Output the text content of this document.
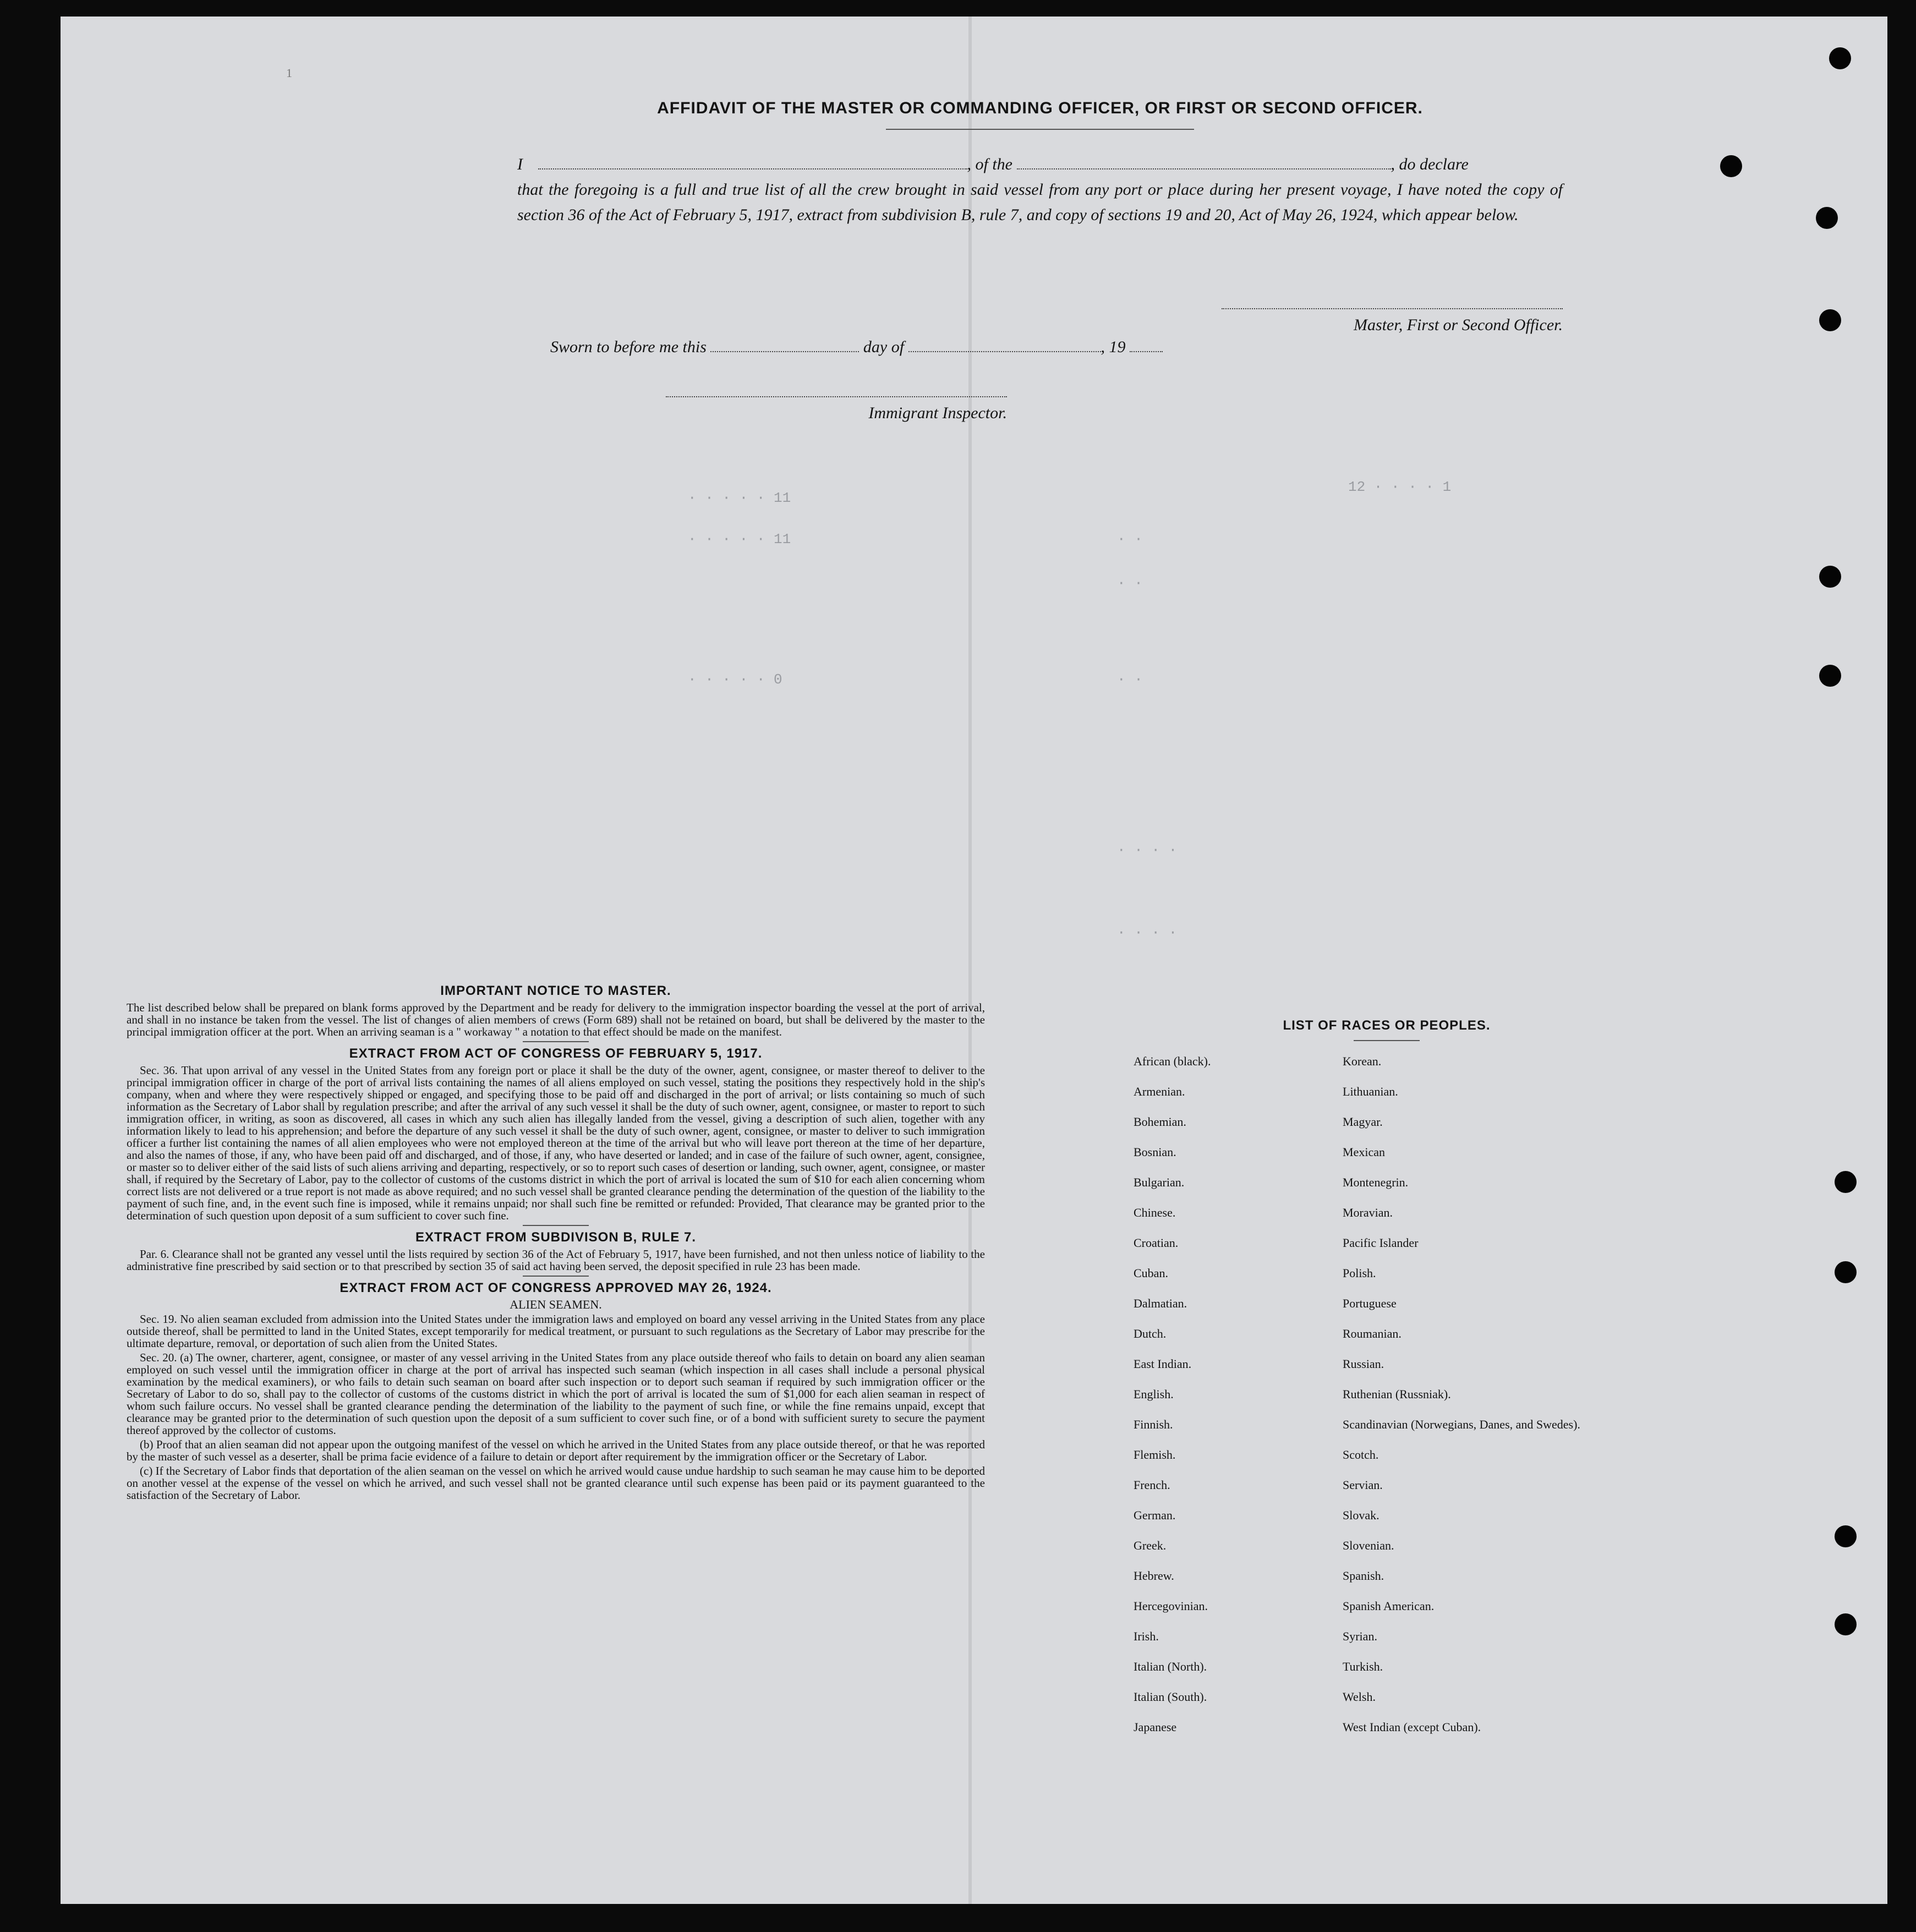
12 · · · · 1
· · · · · 11
· · · · · 11	· ·
· ·
· · · · · 0	· ·
· · · ·
· · · ·
1
AFFIDAVIT OF THE MASTER OR COMMANDING OFFICER, OR FIRST OR SECOND OFFICER.
I	, of the	, do declare
that the foregoing is a full and true list of all the crew brought in said vessel from any port or place during her present voyage, I have noted the copy of section 36 of the Act of February 5, 1917, extract from subdivision B, rule 7, and copy of sections 19 and 20, Act of May 26, 1924, which appear below.
Master, First or Second Officer.
Sworn to before me this	day of	, 19
Immigrant Inspector.
IMPORTANT NOTICE TO MASTER.

The list described below shall be prepared on blank forms approved by the Department and be ready for delivery to the immigration inspector boarding the vessel at the port of arrival, and shall in no instance be taken from the vessel. The list of changes of alien members of crews (Form 689) shall not be retained on board, but shall be delivered by the master to the principal immigration officer at the port. When an arriving seaman is a " workaway " a notation to that effect should be made on the manifest.

EXTRACT FROM ACT OF CONGRESS OF FEBRUARY 5, 1917.

Sec. 36. That upon arrival of any vessel in the United States from any foreign port or place it shall be the duty of the owner, agent, consignee, or master thereof to deliver to the principal immigration officer in charge of the port of arrival lists containing the names of all aliens employed on such vessel, stating the positions they respectively hold in the ship's company, when and where they were respectively shipped or engaged, and specifying those to be paid off and discharged in the port of arrival; or lists containing so much of such information as the Secretary of Labor shall by regulation prescribe; and after the arrival of any such vessel it shall be the duty of such owner, agent, consignee, or master to report to such immigration officer, in writing, as soon as discovered, all cases in which any such alien has illegally landed from the vessel, giving a description of such alien, together with any information likely to lead to his apprehension; and before the departure of any such vessel it shall be the duty of such owner, agent, consignee, or master to deliver to such immigration officer a further list containing the names of all alien employees who were not employed thereon at the time of the arrival but who will leave port thereon at the time of her departure, and also the names of those, if any, who have been paid off and discharged, and of those, if any, who have deserted or landed; and in case of the failure of such owner, agent, consignee, or master so to deliver either of the said lists of such aliens arriving and departing, respectively, or so to report such cases of desertion or landing, such owner, agent, consignee, or master shall, if required by the Secretary of Labor, pay to the collector of customs of the customs district in which the port of arrival is located the sum of $10 for each alien concerning whom correct lists are not delivered or a true report is not made as above required; and no such vessel shall be granted clearance pending the determination of the question of the liability to the payment of such fine, and, in the event such fine is imposed, while it remains unpaid; nor shall such fine be remitted or refunded: Provided, That clearance may be granted prior to the determination of such question upon deposit of a sum sufficient to cover such fine.

EXTRACT FROM SUBDIVISON B, RULE 7.

Par. 6. Clearance shall not be granted any vessel until the lists required by section 36 of the Act of February 5, 1917, have been furnished, and not then unless notice of liability to the administrative fine prescribed by said section or to that prescribed by section 35 of said act having been served, the deposit specified in rule 23 has been made.

EXTRACT FROM ACT OF CONGRESS APPROVED MAY 26, 1924.
ALIEN SEAMEN.

Sec. 19. No alien seaman excluded from admission into the United States under the immigration laws and employed on board any vessel arriving in the United States from any place outside thereof, shall be permitted to land in the United States, except temporarily for medical treatment, or pursuant to such regulations as the Secretary of Labor may prescribe for the ultimate departure, removal, or deportation of such alien from the United States.

Sec. 20. (a) The owner, charterer, agent, consignee, or master of any vessel arriving in the United States from any place outside thereof who fails to detain on board any alien seaman employed on such vessel until the immigration officer in charge at the port of arrival has inspected such seaman (which inspection in all cases shall include a personal physical examination by the medical examiners), or who fails to detain such seaman on board after such inspection or to deport such seaman if required by such immigration officer or the Secretary of Labor to do so, shall pay to the collector of customs of the customs district in which the port of arrival is located the sum of $1,000 for each alien seaman in respect of whom such failure occurs. No vessel shall be granted clearance pending the determination of the liability to the payment of such fine, or while the fine remains unpaid, except that clearance may be granted prior to the determination of such question upon the deposit of a sum sufficient to cover such fine, or of a bond with sufficient surety to secure the payment thereof approved by the collector of customs.

(b) Proof that an alien seaman did not appear upon the outgoing manifest of the vessel on which he arrived in the United States from any place outside thereof, or that he was reported by the master of such vessel as a deserter, shall be prima facie evidence of a failure to detain or deport after requirement by the immigration officer or the Secretary of Labor.

(c) If the Secretary of Labor finds that deportation of the alien seaman on the vessel on which he arrived would cause undue hardship to such seaman he may cause him to be deported on another vessel at the expense of the vessel on which he arrived, and such vessel shall not be granted clearance until such expense has been paid or its payment guaranteed to the satisfaction of the Secretary of Labor.

LIST OF RACES OR PEOPLES.
African (black).	Korean.
Armenian.	Lithuanian.
Bohemian.	Magyar.
Bosnian.	Mexican
Bulgarian.	Montenegrin.
Chinese.	Moravian.
Croatian.	Pacific Islander
Cuban.	Polish.
Dalmatian.	Portuguese
Dutch.	Roumanian.
East Indian.	Russian.
English.	Ruthenian (Russniak).
Finnish.	Scandinavian (Norwegians, Danes, and Swedes).
Flemish.	Scotch.
French.	Servian.
German.	Slovak.
Greek.	Slovenian.
Hebrew.	Spanish.
Hercegovinian.	Spanish American.
Irish.	Syrian.
Italian (North).	Turkish.
Italian (South).	Welsh.
Japanese	West Indian (except Cuban).
